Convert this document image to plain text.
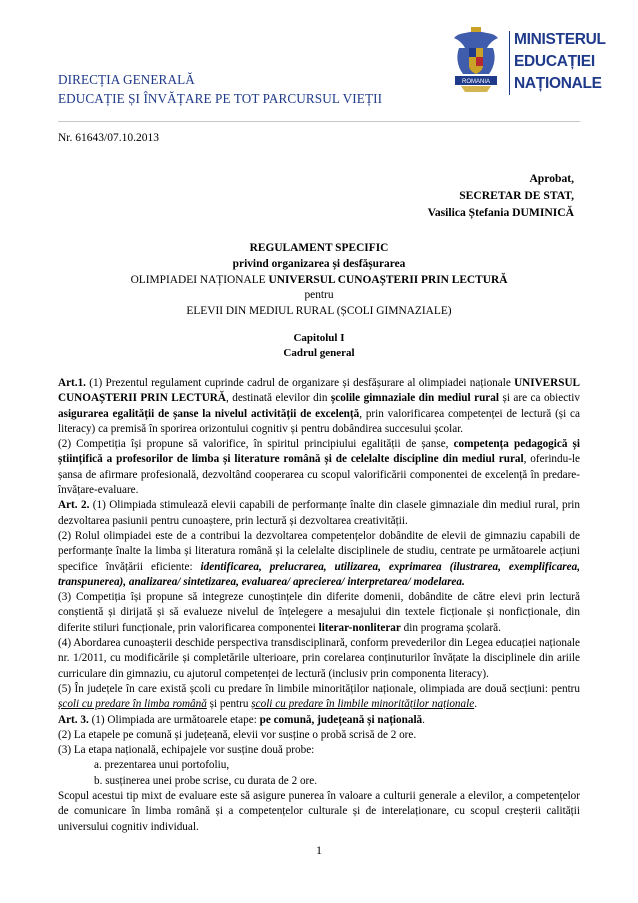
DIRECȚIA GENERALĂ
EDUCAȚIE ȘI ÎNVĂȚARE PE TOT PARCURSUL VIEȚII
ROMANIA
MINISTERUL
EDUCAȚIEI
NAȚIONALE
Nr. 61643/07.10.2013
Aprobat,
SECRETAR DE STAT,
Vasilica Ștefania DUMINICĂ
REGULAMENT SPECIFIC
privind organizarea și desfășurarea
OLIMPIADEI NAȚIONALE UNIVERSUL CUNOAȘTERII PRIN LECTURĂ
pentru
ELEVII DIN MEDIUL RURAL (ȘCOLI GIMNAZIALE)
Capitolul I
Cadrul general

Art.1. (1) Prezentul regulament cuprinde cadrul de organizare și desfășurare al olimpiadei naționale UNIVERSUL CUNOAȘTERII PRIN LECTURĂ, destinată elevilor din școlile gimnaziale din mediul rural și are ca obiectiv asigurarea egalității de șanse la nivelul activității de excelență, prin valorificarea competenței de lectură (și ca literacy) ca premisă în sporirea orizontului cognitiv și pentru dobândirea succesului școlar.

(2) Competiția își propune să valorifice, în spiritul principiului egalității de șanse, competența pedagogică și științifică a profesorilor de limba și literature română și de celelalte discipline din mediul rural, oferindu-le șansa de afirmare profesională, dezvoltând cooperarea cu scopul valorificării componentei de excelență în predare-învățare-evaluare.

Art. 2. (1) Olimpiada stimulează elevii capabili de performanțe înalte din clasele gimnaziale din mediul rural, prin dezvoltarea pasiunii pentru cunoaștere, prin lectură și dezvoltarea creativității.

(2) Rolul olimpiadei este de a contribui la dezvoltarea competențelor dobândite de elevii de gimnaziu capabili de performanțe înalte la limba și literatura română și la celelalte disciplinele de studiu, centrate pe următoarele acțiuni specifice învățării eficiente: identificarea, prelucrarea, utilizarea, exprimarea (ilustrarea, exemplificarea, transpunerea), analizarea/ sintetizarea, evaluarea/ aprecierea/ interpretarea/ modelarea.

(3) Competiția își propune să integreze cunoștințele din diferite domenii, dobândite de către elevi prin lectură conștientă și dirijată și să evalueze nivelul de înțelegere a mesajului din textele ficționale și nonficționale, din diferite stiluri funcționale, prin valorificarea componentei literar-nonliterar din programa școlară.

(4) Abordarea cunoașterii deschide perspectiva transdisciplinară, conform prevederilor din Legea educației naționale nr. 1/2011, cu modificările și completările ulterioare, prin corelarea conținuturilor învățate la disciplinele din ariile curriculare din gimnaziu, cu ajutorul competenței de lectură (inclusiv prin componenta literacy).

(5) În județele în care există școli cu predare în limbile minorităților naționale, olimpiada are două secțiuni: pentru școli cu predare în limba română și pentru școli cu predare în limbile minorităților naționale.

Art. 3. (1) Olimpiada are următoarele etape: pe comună, județeană și națională.

(2) La etapele pe comună și județeană, elevii vor susține o probă scrisă de 2 ore.

(3) La etapa națională, echipajele vor susține două probe:

a. prezentarea unui portofoliu,

b. susținerea unei probe scrise, cu durata de 2 ore.

Scopul acestui tip mixt de evaluare este să asigure punerea în valoare a culturii generale a elevilor, a competențelor de comunicare în limba română și a competențelor culturale și de interelaționare, cu scopul creșterii calității universului cognitiv individual.

1
